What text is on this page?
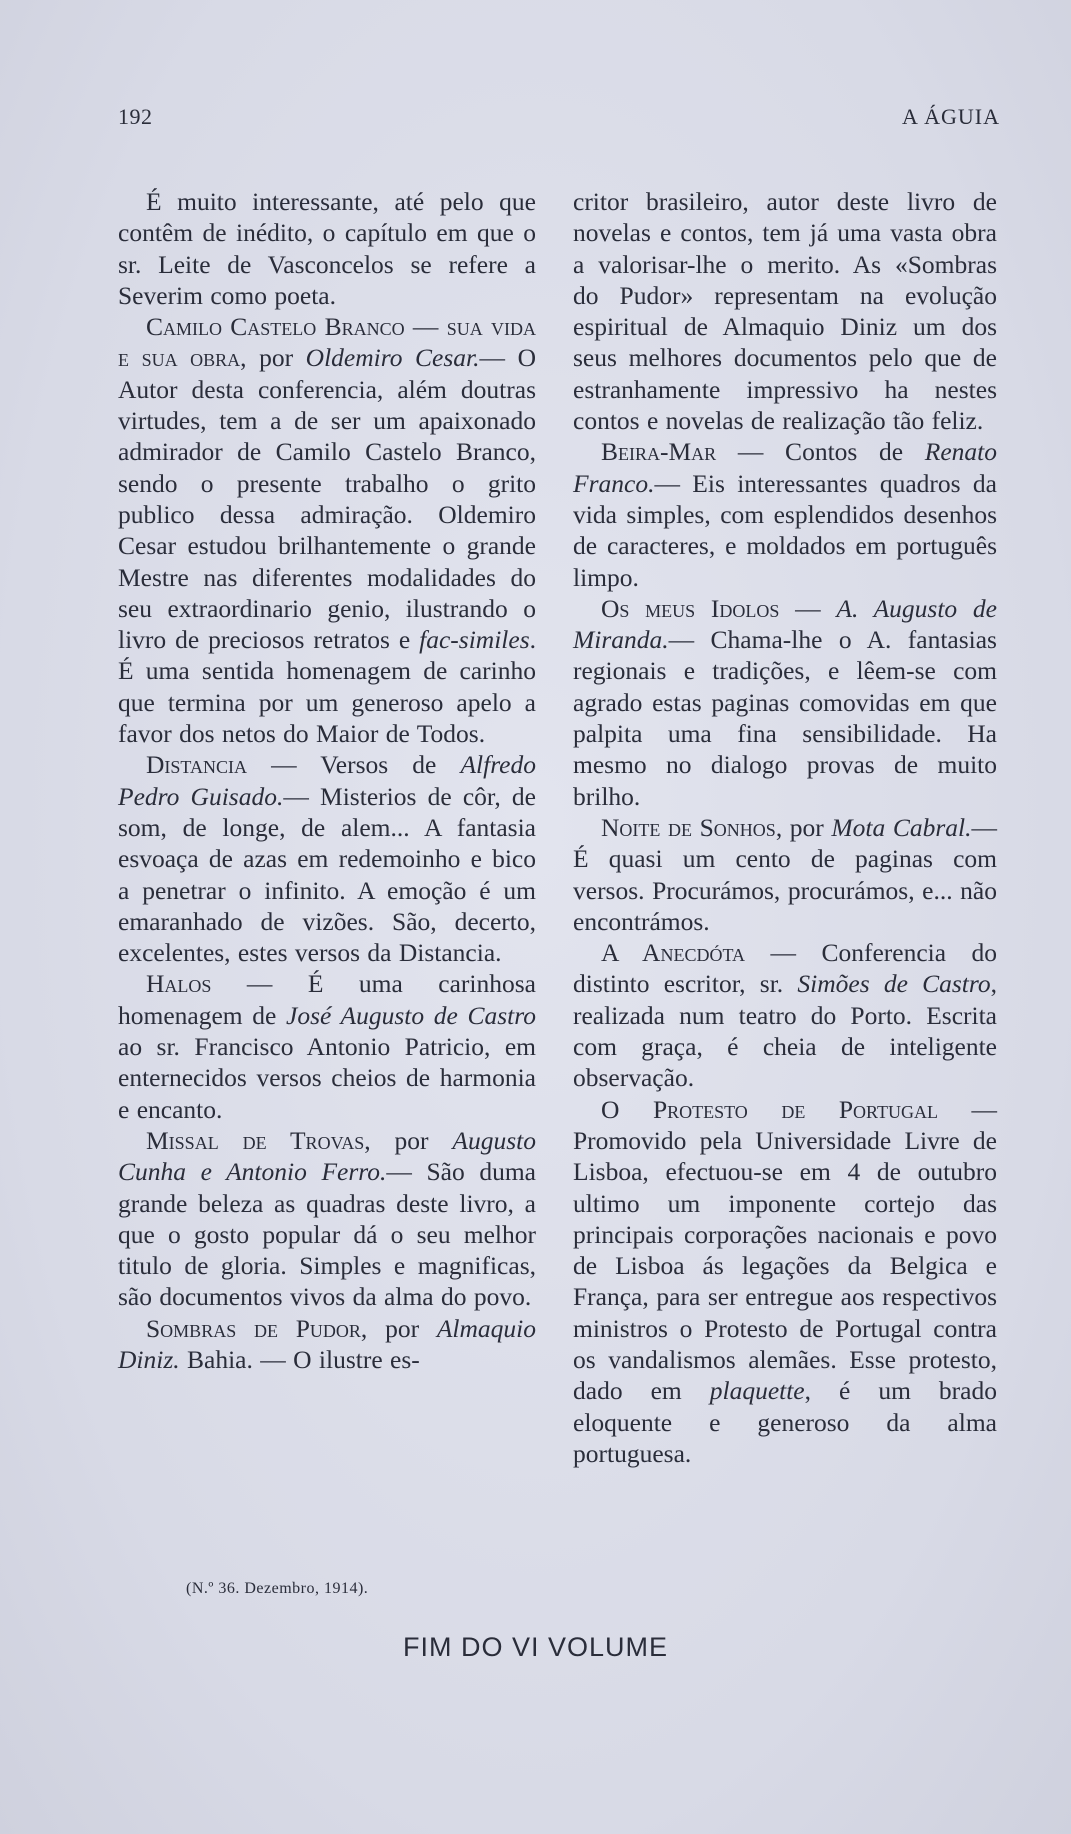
192	A ÁGUIA

É muito interessante, até pelo que contêm de inédito, o capítulo em que o sr. Leite de Vasconcelos se refere a Severim como poeta.

Camilo Castelo Branco — sua vida e sua obra, por Oldemiro Cesar.— O Autor desta conferencia, além doutras virtudes, tem a de ser um apaixonado admirador de Camilo Castelo Branco, sendo o presente trabalho o grito publico dessa admiração. Oldemiro Cesar estudou brilhantemente o grande Mestre nas diferentes modalidades do seu extraordinario genio, ilustrando o livro de preciosos retratos e fac-similes. É uma sentida homenagem de carinho que termina por um generoso apelo a favor dos netos do Maior de Todos.

Distancia — Versos de Alfredo Pedro Guisado.— Misterios de côr, de som, de longe, de alem... A fantasia esvoaça de azas em redemoinho e bico a penetrar o infinito. A emoção é um emaranhado de vizões. São, decerto, excelentes, estes versos da Distancia.

Halos — É uma carinhosa homenagem de José Augusto de Castro ao sr. Francisco Antonio Patricio, em enternecidos versos cheios de harmonia e encanto.

Missal de Trovas, por Augusto Cunha e Antonio Ferro.— São duma grande beleza as quadras deste livro, a que o gosto popular dá o seu melhor titulo de gloria. Simples e magnificas, são documentos vivos da alma do povo.

Sombras de Pudor, por Almaquio Diniz. Bahia. — O ilustre es-

critor brasileiro, autor deste livro de novelas e contos, tem já uma vasta obra a valorisar-lhe o merito. As «Sombras do Pudor» representam na evolução espiritual de Almaquio Diniz um dos seus melhores documentos pelo que de estranhamente impressivo ha nestes contos e novelas de realização tão feliz.

Beira-Mar — Contos de Renato Franco.— Eis interessantes quadros da vida simples, com esplendidos desenhos de caracteres, e moldados em português limpo.

Os meus Idolos — A. Augusto de Miranda.— Chama-lhe o A. fantasias regionais e tradições, e lêem-se com agrado estas paginas comovidas em que palpita uma fina sensibilidade. Ha mesmo no dialogo provas de muito brilho.

Noite de Sonhos, por Mota Cabral.— É quasi um cento de paginas com versos. Procurámos, procurámos, e... não encontrámos.

A Anecdóta — Conferencia do distinto escritor, sr. Simões de Castro, realizada num teatro do Porto. Escrita com graça, é cheia de inteligente observação.

O Protesto de Portugal — Promovido pela Universidade Livre de Lisboa, efectuou-se em 4 de outubro ultimo um imponente cortejo das principais corporações nacionais e povo de Lisboa ás legações da Belgica e França, para ser entregue aos respectivos ministros o Protesto de Portugal contra os vandalismos alemães. Esse protesto, dado em plaquette, é um brado eloquente e generoso da alma portuguesa.

(N.º 36. Dezembro, 1914).
FIM DO VI VOLUME
